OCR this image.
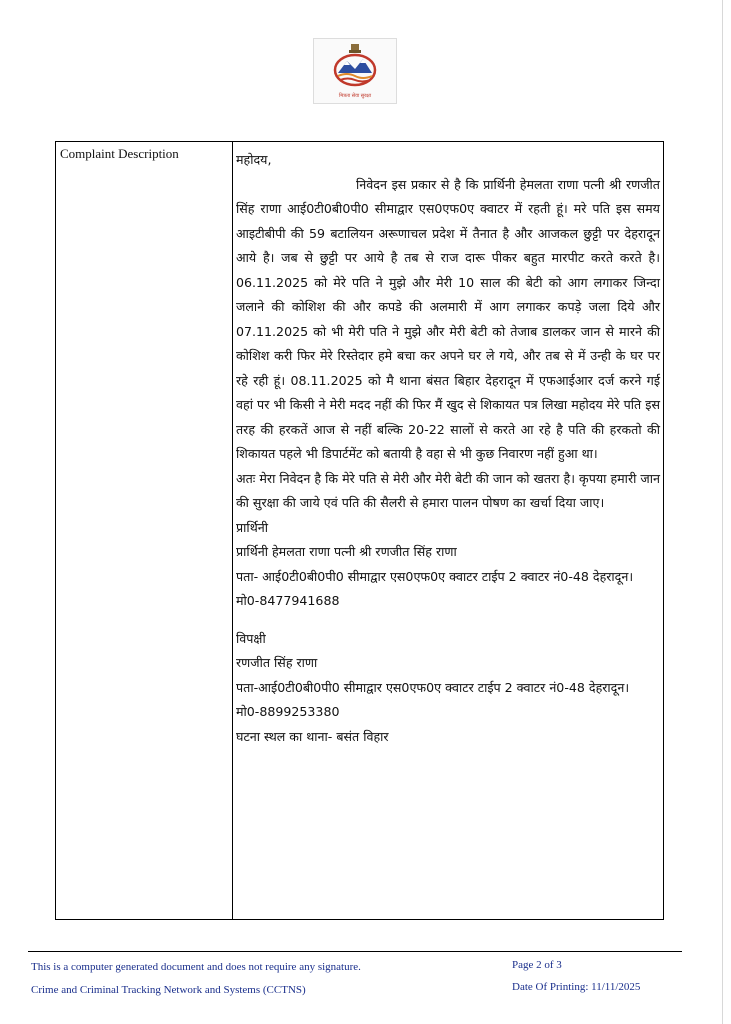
मित्रता सेवा सुरक्षा
Complaint Description	महोदय,

निवेदन इस प्रकार से है कि प्रार्थिनी हेमलता राणा पत्नी श्री रणजीत सिंह राणा आई0टी0बी0पी0 सीमाद्वार एस0एफ0ए क्वाटर में रहती हूं। मरे पति इस समय आइटीबीपी की 59 बटालियन अरूणाचल प्रदेश में तैनात है और आजकल छुट्टी पर देहरादून आये है। जब से छुट्टी पर आये है तब से राज दारू पीकर बहुत मारपीट करते करते है। 06.11.2025 को मेरे पति ने मुझे और मेरी 10 साल की बेटी को आग लगाकर जिन्दा जलाने की कोशिश की और कपडे की अलमारी में आग लगाकर कपड़े जला दिये और 07.11.2025 को भी मेरी पति ने मुझे और मेरी बेटी को तेजाब डालकर जान से मारने की कोशिश करी फिर मेरे रिस्तेदार हमे बचा कर अपने घर ले गये, और तब से में उन्ही के घर पर रहे रही हूं। 08.11.2025 को मै थाना बंसत बिहार देहरादून में एफआईआर दर्ज करने गई वहां पर भी किसी ने मेरी मदद नहीं की फिर मैं खुद से शिकायत पत्र लिखा महोदय मेरे पति इस तरह की हरकतें आज से नहीं बल्कि 20-22 सालों से करते आ रहे है पति की हरकतो की शिकायत पहले भी डिपार्टमेंट को बतायी है वहा से भी कुछ निवारण नहीं हुआ था।

अतः मेरा निवेदन है कि मेरे पति से मेरी और मेरी बेटी की जान को खतरा है। कृपया हमारी जान की सुरक्षा की जाये एवं पति की सैलरी से हमारा पालन पोषण का खर्चा दिया जाए।

प्रार्थिनी

प्रार्थिनी हेमलता राणा पत्नी श्री रणजीत सिंह राणा

पता- आई0टी0बी0पी0 सीमाद्वार एस0एफ0ए क्वाटर टाईप 2 क्वाटर नं0-48 देहरादून।

मो0-8477941688

विपक्षी

रणजीत सिंह राणा

पता-आई0टी0बी0पी0 सीमाद्वार एस0एफ0ए क्वाटर टाईप 2 क्वाटर नं0-48 देहरादून।

मो0-8899253380

घटना स्थल का थाना- बसंत विहार

This is a computer generated document and does not require any signature.
Crime and Criminal Tracking Network and Systems (CCTNS)
Page 2 of 3
Date Of Printing: 11/11/2025
